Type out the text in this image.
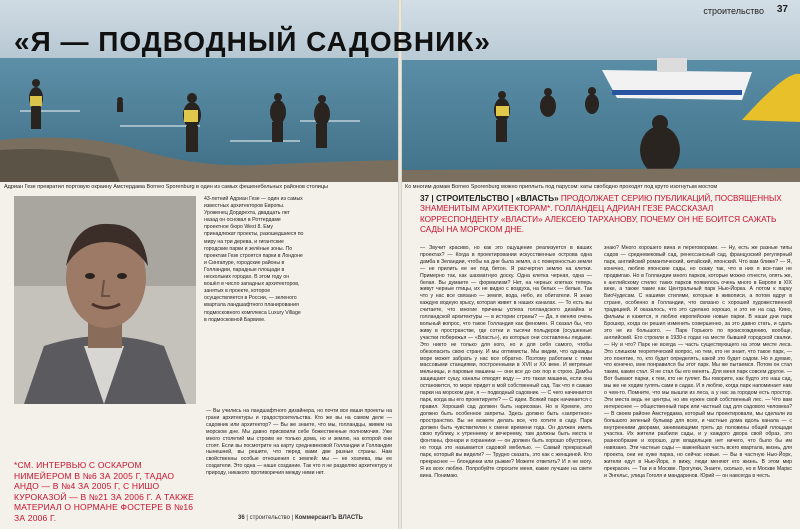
строительство 37
«Я — ПОДВОДНЫЙ САДОВНИК»
Адриан Гезе превратил портовую окраину Амстердама Borneo Sporenburg в один из самых фешенебельных районов столицы	Ко многим домам Borneo Sporenburg можно приплыть под парусом: каты свободно проходят под круто изогнутым мостом
43-летний Адриан Гезе — один из самых известных архитекторов Европы. Уроженец Дордрехта, двадцать лет назад он основал в Роттердаме проектное бюро West 8. Ему принадлежат проекты, разошедшиеся по миру на три дерева, и гигантские городские парки и зелёные зоны. По проектам Гезе строятся парки в Лондоне и Сингапуре, городские районы в Голландии, парадные площади в нескольких городах. В этом году он вошёл в число западных архитекторов, занятых в проекте, которое осуществляется в России, — зеленого квартала ландшафтного планирования подмосковного комплекса Luxury Village в подмосковной Барвихе.
*СМ. ИНТЕРВЬЮ С ОСКАРОМ НИМЕЙЕРОМ В №6 ЗА 2005 Г, ТАДАО АНДО — В №4 ЗА 2005 Г, С НИШО КУРОКАЗОЙ — В №21 ЗА 2006 Г. А ТАКЖЕ МАТЕРИАЛ О НОРМАНЕ ФОСТЕРЕ В №16 ЗА 2006 Г.
37 | СТРОИТЕЛЬСТВО | «ВЛАСТЬ» ПРОДОЛЖАЕТ СЕРИЮ ПУБЛИКАЦИЙ, ПОСВЯЩЕННЫХ ЗНАМЕНИТЫМ АРХИТЕКТОРАМ*. ГОЛЛАНДЕЦ АДРИАН ГЕЗЕ РАССКАЗАЛ КОРРЕСПОНДЕНТУ «ВЛАСТИ» АЛЕКСЕЮ ТАРХАНОВУ, ПОЧЕМУ ОН НЕ БОИТСЯ САЖАТЬ САДЫ НА МОРСКОМ ДНЕ.
— Вы учились на ландшафтного дизайнера, но почти все ваши проекты на грани архитектуры и градостроительства. Кто же вы на самом деле — садовник или архитектор? — Вы же знаете, что мы, голландцы, живем на морском дне. Мы давно присвоили себе божественные полномочия. Уже много столетий мы строим не только дома, но и землю, на которой они стоят. Если вы посмотрите на карту средневековой Голландии и Голландии нынешней, вы решите, что перед вами две разные страны. Нам свойственны особые отношения с землей: мы — не хозяева, мы ее создатели. Это одна — наше создание. Так что я не разделяю архитектуру и природу, никакого противоречия между ними нет.
— Звучит красиво, но как это ощущение реализуется в ваших проектах? — Когда в проектировании искусственные острова одна дамба в Зеландии, чтобы на дне была земля, а с поверхностью земли — не прилить ее не под бетон. Я расчертил землю на клетки. Примерно так, как шахматную доску. Одна клетка черная, одна — белая. Вы думаете — формализм? Нет, на черных клетках теперь живут черные птицы, их не видно с воздуха, на белых — белые. Так что у нас все связано — земля, вода, небо, их обитатели. Я знаю каждую водную крысу, которая живет в наших каналах. — То есть вы считаете, что многие причины успеха голландского дизайна и голландской архитектуры — в истории страны? — Да, я меняю очень вольный вопрос, что такое Голландия как феномен. Я сказал бы, что живу в пространстве, где сотни и тысячи польдеров (осушенные участки побережья — «Власть»), из которых они составлены людьми. Это никто не только для кого, но и для себя самого, чтобы обезопасить свою страну. И мы оптимисты. Мы видим, что однажды море может забрать у нас все обратно. Поэтому работаем с теми массовыми станциями, построенными в XVII и XX веке. И ветряные мельницы, и паровые машины — они все до сих пор в строю. Дамбы защищают сушу, каналы отводят воду — это такая машина, если она остановится, то море придет в мой собственный сад. Так что я сажаю парки на морском дне, я — подводный садовник. — С чего начинается парк, когда вы его проектируете? — С идеи. Всякий парк начинается с правил. Хороший сад должен быть нарисован. Но в Кремле, это должно быть особенное запреты. Здесь должно быть «запретное» пространство. Вы не можете делать все, что хотите в саду. Парк должен быть чувствителен к смене времени года. Он должен иметь свою публику, к утреннему и вечернему, там должны быть места и фонтаны, фонари и охранники — он должен быть хорошо обустроен, но тогда это называется садовой мебелью. — Самый прекрасный парк, который вы видели? — Трудно сказать, это как с женщиной. Кто прекраснее — блондинки или рыжие? Можете ответить? И я не могу. Я их всех люблю. Попробуйте спросите меня, какие лучшие на свете вина. Понимаю.
знаю? Много хорошего вина и переговорами. — Ну, есть же разные типы садов — средневековый сад, ренессансный сад, французский регулярный парк, английский романтический, китайский, японский. Что вам ближе? — Я, конечно, люблю японские сады, но скажу так, что в них я все-таки не продвигаю. Но в Голландии много парков, которые можно отнести, опять же, к английскому стилю: таких парков появилось очень много в Европе в XIX веке, а также такие как Центральный парк Нью-Йорка. А потом к парку БиоЧудесам. С нашими стилями, которые в живописи, а потом вдруг в стране, особенно в Голландии, что связано с хорошей художественной традицией. И оказалось, что это сделано хорошо, и это не на сад. Кино, фильмы и кажется, я люблю европейские новые парки. В наши дни парк Брошюр, когда он решил изменить совершенно, за это давно стать, и сдать это не из большого. — Парк Горького по происхождению, вообще, английский. Его строили в 1930-х годах на месте бывшей городской свалки. — Ну и что? Парк не всегда — часть существующего на этом месте леса. Это слишком теоретический вопрос, но тем, кто не знает, что такое парк, — это понятие, то, кто будет определять, какой это будет садом. Но я думаю, что конечно, мне понравился бы этот парк. Мы же пытаемся. Потом он стал таким, каким стал. Я не стал бы его менять. Для меня парк совсем другое. — Вот бывают парки, к тем, кто не гуляет. Вы говорите, как будто это наш сад, мы же не ходим гулять сами в садах. И я люблю, когда парк напоминает нам о чем-то. Помните, что мы вышли из леса, а у нас за городом есть простор. Эти места ведь не центры, но им нужен свой собственный лес. — Что вам интереснее — общественный парк или частный сад для садового человека? — В своем районе Амстердама, который мы проектировали, мы сделали из большого зеленый бульвар для всех, и частные дома вдоль канала — с внутренними дворами, занимающими треть до половины общей площади участка. Их жители разбили сады, и у каждого двора свой образ, это разнообразие и хорошо, для владельцев нет ничего, что было бы им навязано. Эти частные сады — важнейшая часть всего квартала, жизнь, для проекта, они не хуже парка, но сейчас новые. — Вы в частную Нью-Йорк, жители едут в Нью-Йорк, я вижу, люди меняют его жизнь. В этом мир прекрасен. — Так и в Москве. Прогулки, Знаете, сколько, но в Москве Маркс и Энгельс, улица Гоголя и мандаринов. Юрий — он навсегда в честь
36 | строительство | КоммерсантЪ ВЛАСТЬ
